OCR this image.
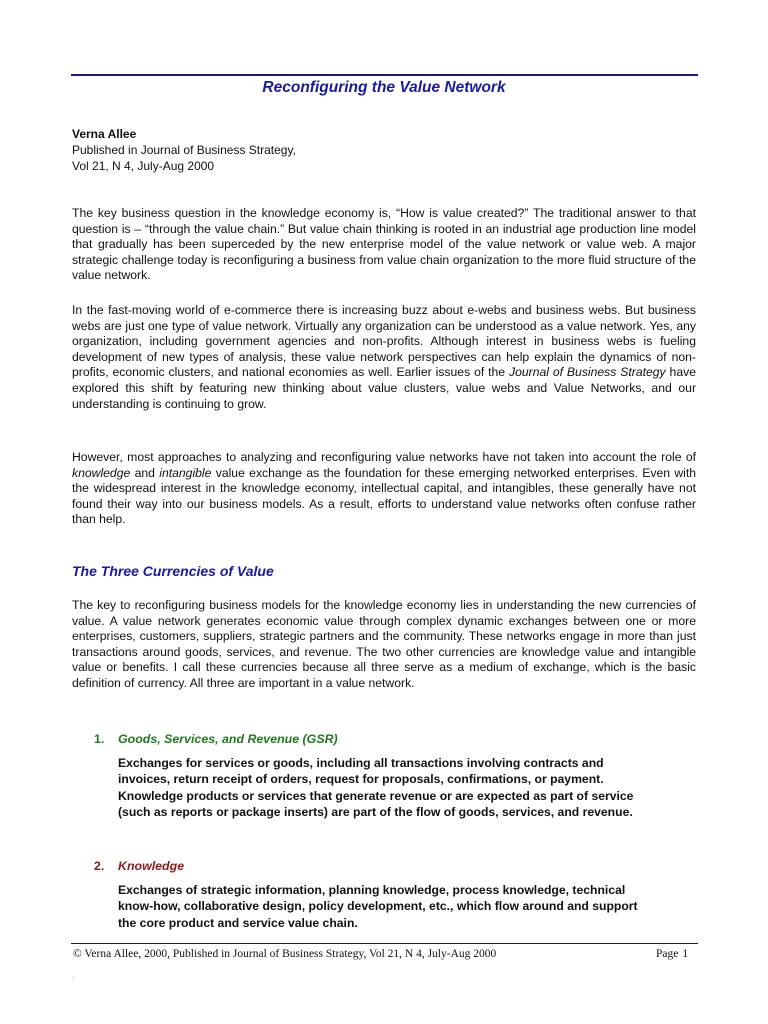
Reconfiguring the Value Network
Verna Allee
Published in Journal of Business Strategy,
Vol 21, N 4, July-Aug 2000

The key business question in the knowledge economy is, “How is value created?” The traditional answer to that question is – “through the value chain.” But value chain thinking is rooted in an industrial age production line model that gradually has been superceded by the new enterprise model of the value network or value web. A major strategic challenge today is reconfiguring a business from value chain organization to the more fluid structure of the value network.

In the fast-moving world of e-commerce there is increasing buzz about e-webs and business webs. But business webs are just one type of value network. Virtually any organization can be understood as a value network. Yes, any organization, including government agencies and non-profits. Although interest in business webs is fueling development of new types of analysis, these value network perspectives can help explain the dynamics of non-profits, economic clusters, and national economies as well. Earlier issues of the Journal of Business Strategy have explored this shift by featuring new thinking about value clusters, value webs and Value Networks, and our understanding is continuing to grow.

However, most approaches to analyzing and reconfiguring value networks have not taken into account the role of knowledge and intangible value exchange as the foundation for these emerging networked enterprises. Even with the widespread interest in the knowledge economy, intellectual capital, and intangibles, these generally have not found their way into our business models. As a result, efforts to understand value networks often confuse rather than help.

The Three Currencies of Value

The key to reconfiguring business models for the knowledge economy lies in understanding the new currencies of value. A value network generates economic value through complex dynamic exchanges between one or more enterprises, customers, suppliers, strategic partners and the community. These networks engage in more than just transactions around goods, services, and revenue. The two other currencies are knowledge value and intangible value or benefits. I call these currencies because all three serve as a medium of exchange, which is the basic definition of currency. All three are important in a value network.

1. Goods, Services, and Revenue (GSR)

Exchanges for services or goods, including all transactions involving contracts and invoices, return receipt of orders, request for proposals, confirmations, or payment. Knowledge products or services that generate revenue or are expected as part of service (such as reports or package inserts) are part of the flow of goods, services, and revenue.

2. Knowledge

Exchanges of strategic information, planning knowledge, process knowledge, technical know-how, collaborative design, policy development, etc., which flow around and support the core product and service value chain.

© Verna Allee, 2000, Published in Journal of Business Strategy, Vol 21, N 4, July-Aug 2000	Page 1
.
